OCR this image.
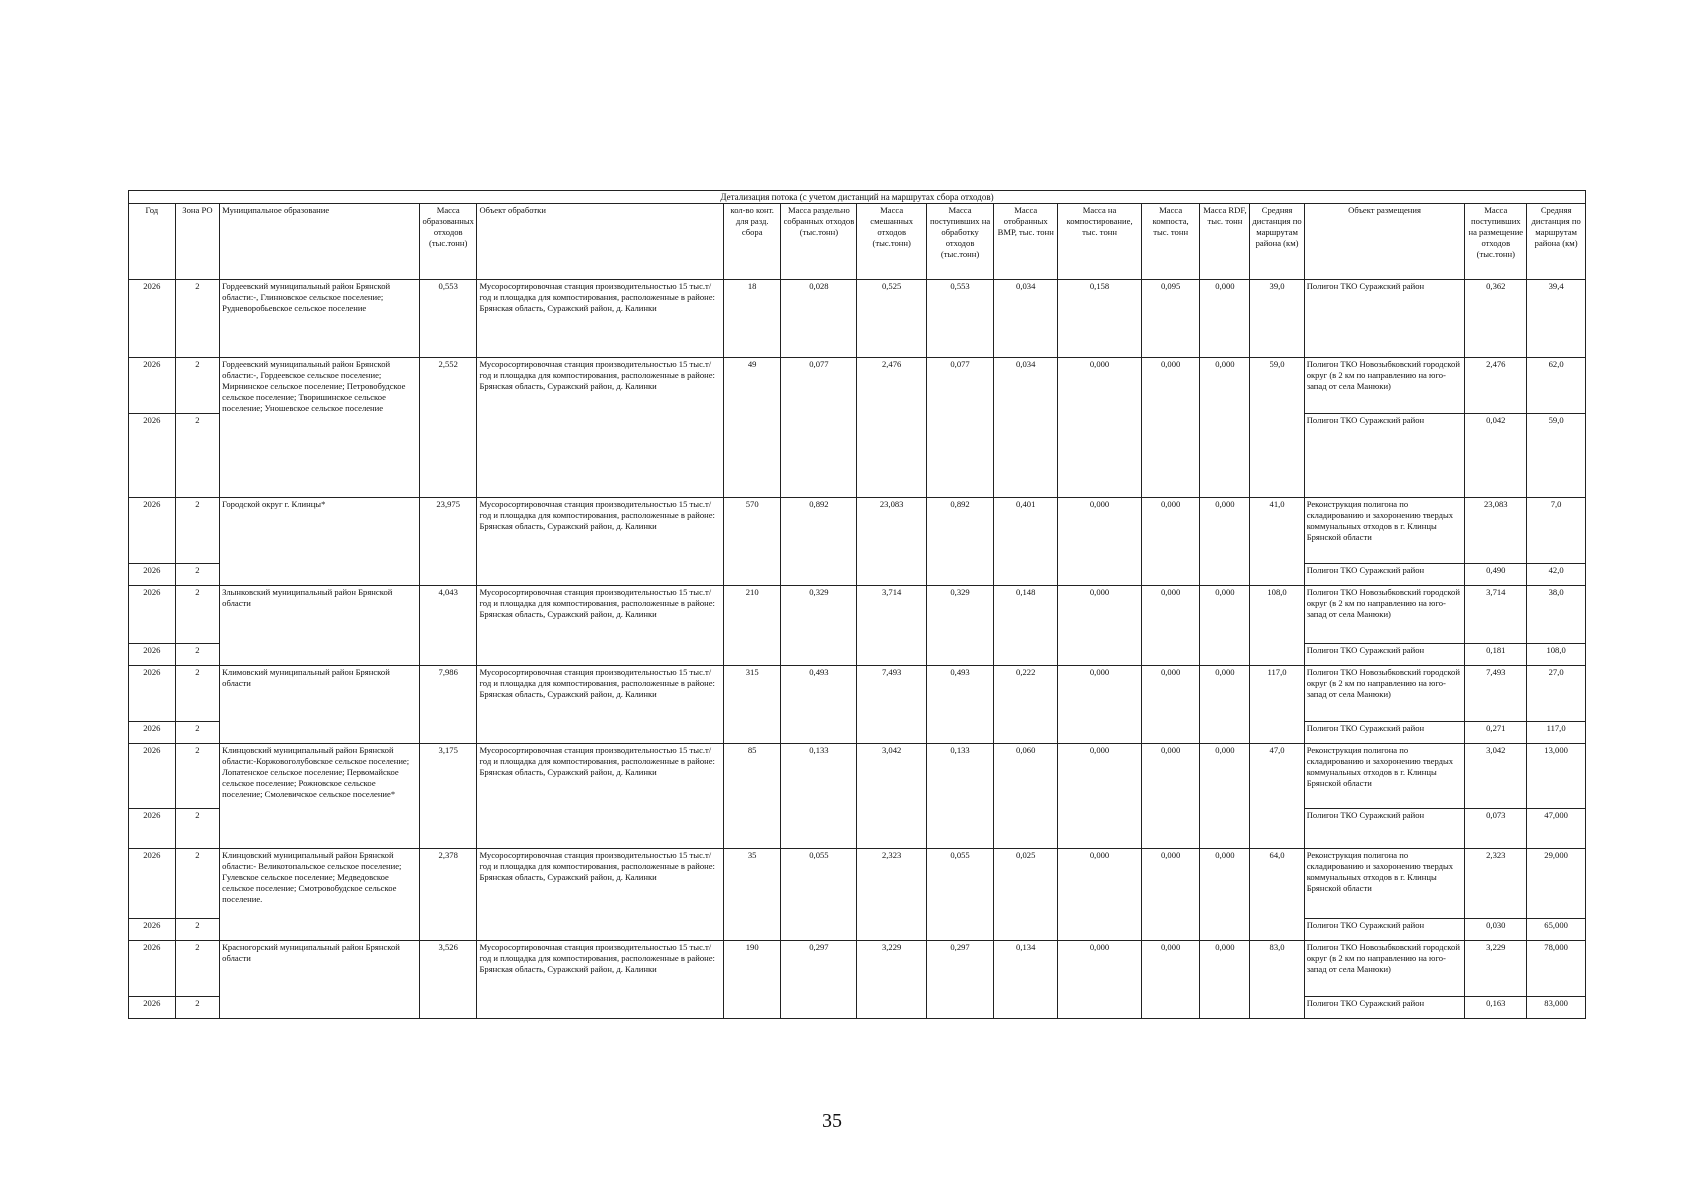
Детализация потока (с учетом дистанций на маршрутах сбора отходов)
Год	Зона РО	Муниципальное образование	Масса образованных отходов (тыс.тонн)	Объект обработки	кол-во конт. для разд. сбора	Масса раздельно собранных отходов (тыс.тонн)	Масса смешанных отходов (тыс.тонн)	Масса поступивших на обработку отходов (тыс.тонн)	Масса отобранных ВМР, тыс. тонн	Масса на компостирование, тыс. тонн	Масса компоста, тыс. тонн	Масса RDF, тыс. тонн	Средняя дистанция по маршрутам района (км)	Объект размещения	Масса поступивших на размещение отходов (тыс.тонн)	Средняя дистанция по маршрутам района (км)
2026	2	Гордеевский муниципальный район Брянской области:-, Глинновское сельское поселение; Рудневоробьевское сельское поселение	0,553	Мусоросортировочная станция производительностью 15 тыс.т/год и площадка для компостирования, расположенные в районе: Брянская область, Суражский район, д. Калинки	18	0,028	0,525	0,553	0,034	0,158	0,095	0,000	39,0	Полигон ТКО Суражский район	0,362	39,4
2026	2	Гордеевский муниципальный район Брянской области:-, Гордеевское сельское поселение; Мирнинское сельское поселение; Петровобудское сельское поселение; Творишинское сельское поселение; Уношевское сельское поселение	2,552	Мусоросортировочная станция производительностью 15 тыс.т/год и площадка для компостирования, расположенные в районе: Брянская область, Суражский район, д. Калинки	49	0,077	2,476	0,077	0,034	0,000	0,000	0,000	59,0	Полигон ТКО Новозыбковский городской округ (в 2 км по направлению на юго-запад от села Манюки)	2,476	62,0
2026	2													Полигон ТКО Суражский район	0,042	59,0
2026	2	Городской округ г. Клинцы*	23,975	Мусоросортировочная станция производительностью 15 тыс.т/год и площадка для компостирования, расположенные в районе: Брянская область, Суражский район, д. Калинки	570	0,892	23,083	0,892	0,401	0,000	0,000	0,000	41,0	Реконструкция полигона по складированию и захоронению твердых коммунальных отходов в г. Клинцы Брянской области	23,083	7,0
2026	2													Полигон ТКО Суражский район	0,490	42,0
2026	2	Злынковский муниципальный район Брянской области	4,043	Мусоросортировочная станция производительностью 15 тыс.т/год и площадка для компостирования, расположенные в районе: Брянская область, Суражский район, д. Калинки	210	0,329	3,714	0,329	0,148	0,000	0,000	0,000	108,0	Полигон ТКО Новозыбковский городской округ (в 2 км по направлению на юго-запад от села Манюки)	3,714	38,0
2026	2													Полигон ТКО Суражский район	0,181	108,0
2026	2	Климовский муниципальный район Брянской области	7,986	Мусоросортировочная станция производительностью 15 тыс.т/год и площадка для компостирования, расположенные в районе: Брянская область, Суражский район, д. Калинки	315	0,493	7,493	0,493	0,222	0,000	0,000	0,000	117,0	Полигон ТКО Новозыбковский городской округ (в 2 км по направлению на юго-запад от села Манюки)	7,493	27,0
2026	2													Полигон ТКО Суражский район	0,271	117,0
2026	2	Клинцовский муниципальный район Брянской области:-Коржовоголубовское сельское поселение; Лопатенское сельское поселение; Первомайское сельское поселение; Рожновское сельское поселение; Смолевичское сельское поселение*	3,175	Мусоросортировочная станция производительностью 15 тыс.т/год и площадка для компостирования, расположенные в районе: Брянская область, Суражский район, д. Калинки	85	0,133	3,042	0,133	0,060	0,000	0,000	0,000	47,0	Реконструкция полигона по складированию и захоронению твердых коммунальных отходов в г. Клинцы Брянской области	3,042	13,000
2026	2													Полигон ТКО Суражский район	0,073	47,000
2026	2	Клинцовский муниципальный район Брянской области:- Великотопальское сельское поселение; Гулевское сельское поселение; Медведовское сельское поселение; Смотровобудское сельское поселение.	2,378	Мусоросортировочная станция производительностью 15 тыс.т/год и площадка для компостирования, расположенные в районе: Брянская область, Суражский район, д. Калинки	35	0,055	2,323	0,055	0,025	0,000	0,000	0,000	64,0	Реконструкция полигона по складированию и захоронению твердых коммунальных отходов в г. Клинцы Брянской области	2,323	29,000
2026	2													Полигон ТКО Суражский район	0,030	65,000
2026	2	Красногорский муниципальный район Брянской области	3,526	Мусоросортировочная станция производительностью 15 тыс.т/год и площадка для компостирования, расположенные в районе: Брянская область, Суражский район, д. Калинки	190	0,297	3,229	0,297	0,134	0,000	0,000	0,000	83,0	Полигон ТКО Новозыбковский городской округ (в 2 км по направлению на юго-запад от села Манюки)	3,229	78,000
2026	2													Полигон ТКО Суражский район	0,163	83,000
35
